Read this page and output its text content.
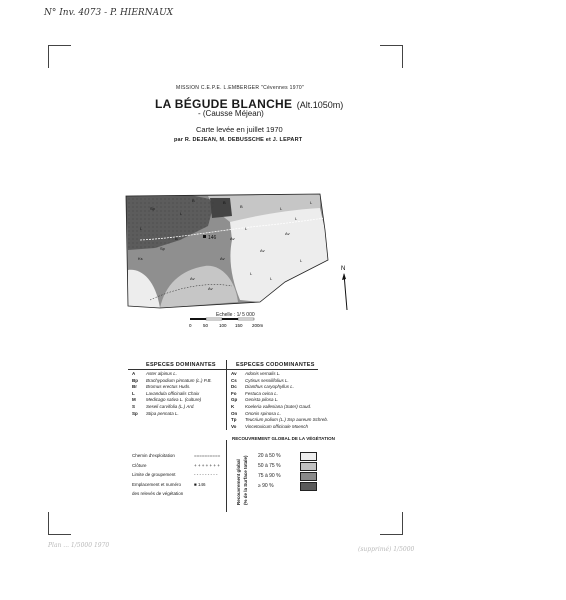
N° Inv. 4073 - P. HIERNAUX
MISSION C.E.P.E. L.EMBERGER "Cévennes 1970"
LA BÉGUDE BLANCHE (Alt.1050m)
- (Causse Méjean)
Carte levée en juillet 1970
par R. DEJEAN, M. DEBUSSCHE et J. LEPART
146
B	B
B
Sp
L
Sp
Av
Av
Av
L
L
L
L
Av
Av
B
L
L
Av
L
L
Ks
N
Echelle : 1/ 5 000
0	50 100 150 200m
ESPECES DOMINANTES	ESPECES CODOMINANTES
A Aster alpinus L.
Bp Brachypodium pinnatum (L.) P.B.
Br Bromus erectus Huds.
L	Lavandula officinalis Chaix
M Medicago sativa L. (culture)
S Seseli carvifolia (L.) Ard.
Sp Stipa pennata L.
Av Adonis vernalis L.
Cs Cytisus sessilifolius L.
Dc Dianthus caryophyllus L.
Fo Festuca ovina L.
Gp Genista pilosa L.
K Koeleria vallesiana (Suter) Gaud.
On Ononis spinosa L.
Tp Teucrium polium (L.) Ssp aureum Schreb.
Vo Vincetoxicum officinale Moench
Chemin d'exploitation	==========
Clôture	+ + + + + + +
Limite de groupement	- - - - - - - - -
Emplacement et numéro	■ 146
des relevés de végétation
RECOUVREMENT GLOBAL DE LA VÉGÉTATION
Recouvrement global (% de la Surface totale) 20 à 50 %
50 à 75 %
75 à 90 %
≥ 90 %
Plan ... 1/5000 1970
(supprimé) 1/5000
